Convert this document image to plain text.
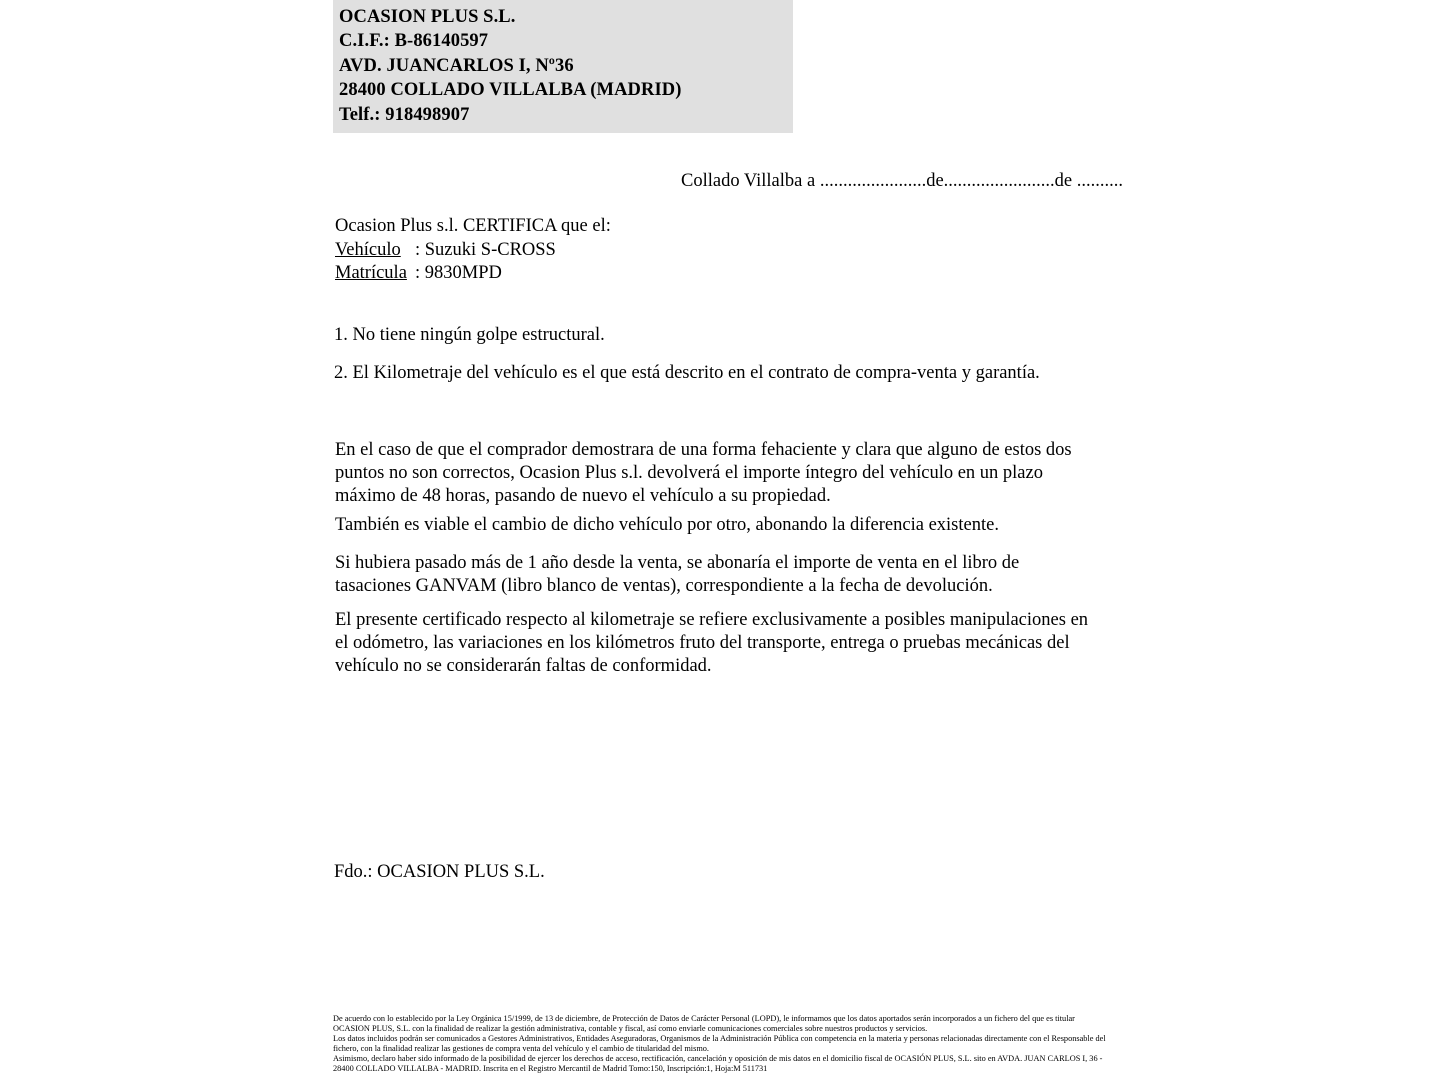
OCASION PLUS S.L.
C.I.F.: B-86140597
AVD. JUANCARLOS I, Nº36
28400 COLLADO VILLALBA (MADRID)
Telf.: 918498907
Collado Villalba a .......................de........................de ..........
Ocasion Plus s.l. CERTIFICA que el:
Vehículo : Suzuki S-CROSS
Matrícula : 9830MPD
1. No tiene ningún golpe estructural.
2. El Kilometraje del vehículo es el que está descrito en el contrato de compra-venta y garantía.
En el caso de que el comprador demostrara de una forma fehaciente y clara que alguno de estos dos puntos no son correctos, Ocasion Plus s.l. devolverá el importe íntegro del vehículo en un plazo máximo de 48 horas, pasando de nuevo el vehículo a su propiedad.
También es viable el cambio de dicho vehículo por otro, abonando la diferencia existente.
Si hubiera pasado más de 1 año desde la venta, se abonaría el importe de venta en el libro de tasaciones GANVAM (libro blanco de ventas), correspondiente a la fecha de devolución.
El presente certificado respecto al kilometraje se refiere exclusivamente a posibles manipulaciones en el odómetro, las variaciones en los kilómetros fruto del transporte, entrega o pruebas mecánicas del vehículo no se considerarán faltas de conformidad.
Fdo.: OCASION PLUS S.L.

De acuerdo con lo establecido por la Ley Orgánica 15/1999, de 13 de diciembre, de Protección de Datos de Carácter Personal (LOPD), le informamos que los datos aportados serán incorporados a un fichero del que es titular OCASION PLUS, S.L. con la finalidad de realizar la gestión administrativa, contable y fiscal, así como enviarle comunicaciones comerciales sobre nuestros productos y servicios.

Los datos incluidos podrán ser comunicados a Gestores Administrativos, Entidades Aseguradoras, Organismos de la Administración Pública con competencia en la materia y personas relacionadas directamente con el Responsable del fichero, con la finalidad realizar las gestiones de compra venta del vehículo y el cambio de titularidad del mismo.

Asimismo, declaro haber sido informado de la posibilidad de ejercer los derechos de acceso, rectificación, cancelación y oposición de mis datos en el domicilio fiscal de OCASIÓN PLUS, S.L. sito en AVDA. JUAN CARLOS I, 36 - 28400 COLLADO VILLALBA - MADRID. Inscrita en el Registro Mercantil de Madrid Tomo:150, Inscripción:1, Hoja:M 511731
